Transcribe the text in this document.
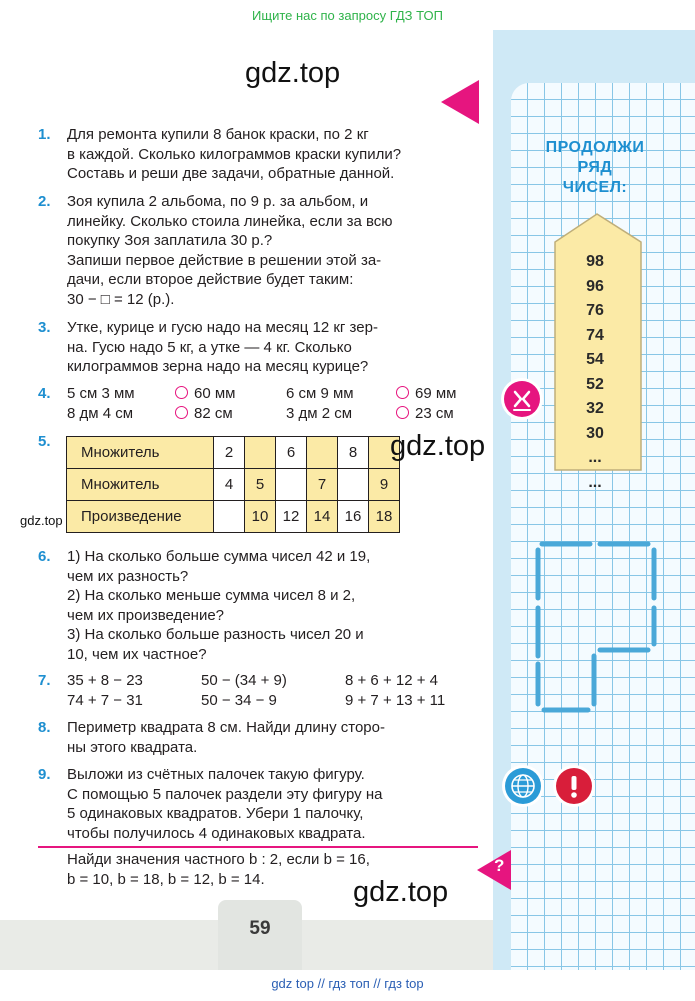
Ищите нас по запросу ГДЗ ТОП
gdz.top
1. Для ремонта купили 8 банок краски, по 2 кг
в каждой. Сколько килограммов краски купили?
Составь и реши две задачи, обратные данной.
2. Зоя купила 2 альбома, по 9 р. за альбом, и
линейку. Сколько стоила линейка, если за всю
покупку Зоя заплатила 30 р.?
Запиши первое действие в решении этой за-
дачи, если второе действие будет таким:
30 − □ = 12 (р.).
3. Утке, курице и гусю надо на месяц 12 кг зер-
на. Гусю надо 5 кг, а утке — 4 кг. Сколько
килограммов зерна надо на месяц курице?
4. 5 см 3 мм	60 мм	6 см 9 мм	69 мм
8 дм 4 см	82 см	3 дм 2 см	23 см
5.
Множитель	2		6		8	
Множитель	4	5		7		9
Произведение		10	12	14	16	18
gdz.top
gdz.top
6. 1) На сколько больше сумма чисел 42 и 19,
чем их разность?
2) На сколько меньше сумма чисел 8 и 2,
чем их произведение?
3) На сколько больше разность чисел 20 и
10, чем их частное?
7. 35 + 8 − 23	50 − (34 + 9)	8 + 6 + 12 + 4
74 + 7 − 31	50 − 34 − 9	9 + 7 + 13 + 11
8. Периметр квадрата 8 см. Найди длину сторо-
ны этого квадрата.
9. Выложи из счётных палочек такую фигуру.
С помощью 5 палочек раздели эту фигуру на
5 одинаковых квадратов. Убери 1 палочку,
чтобы получилось 4 одинаковых квадрата.
Найди значения частного b : 2, если b = 16,
b = 10, b = 18, b = 12, b = 14.
?
gdz.top
59
ПРОДОЛЖИ
РЯД
ЧИСЕЛ:
98
96
76
74
54
52
32
30
...
...
gdz top // гдз топ // гдз top
